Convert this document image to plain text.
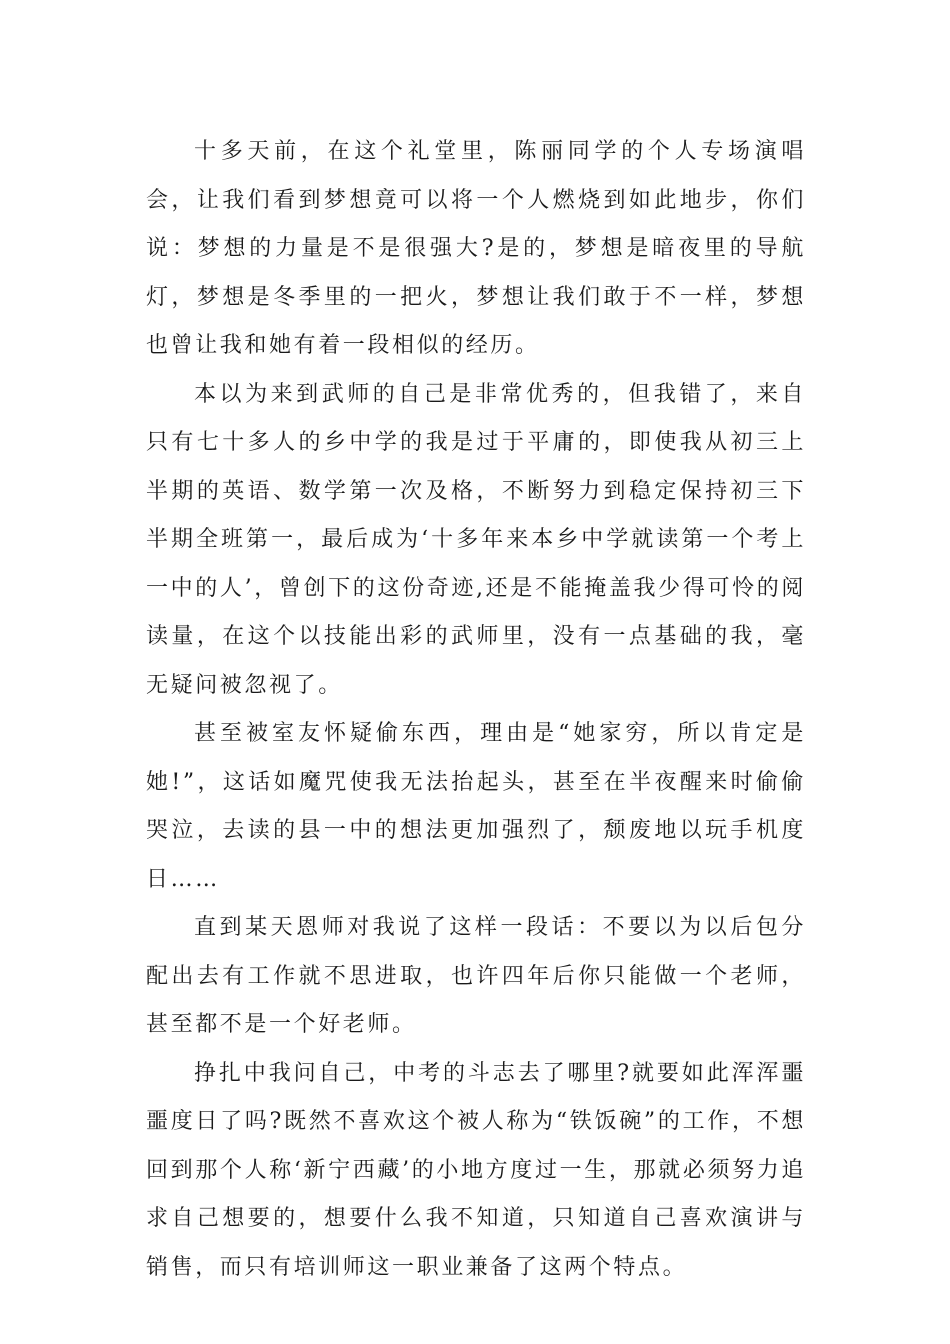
十多天前，在这个礼堂里，陈丽同学的个人专场演唱会，让我们看到梦想竟可以将一个人燃烧到如此地步，你们说：梦想的力量是不是很强大?是的，梦想是暗夜里的导航灯，梦想是冬季里的一把火，梦想让我们敢于不一样，梦想也曾让我和她有着一段相似的经历。

本以为来到武师的自己是非常优秀的，但我错了，来自只有七十多人的乡中学的我是过于平庸的，即使我从初三上半期的英语、数学第一次及格，不断努力到稳定保持初三下半期全班第一，最后成为‘十多年来本乡中学就读第一个考上一中的人’，曾创下的这份奇迹,还是不能掩盖我少得可怜的阅读量，在这个以技能出彩的武师里，没有一点基础的我，毫无疑问被忽视了。

甚至被室友怀疑偷东西，理由是“她家穷，所以肯定是她!”，这话如魔咒使我无法抬起头，甚至在半夜醒来时偷偷哭泣，去读的县一中的想法更加强烈了，颓废地以玩手机度日……

直到某天恩师对我说了这样一段话：不要以为以后包分配出去有工作就不思进取，也许四年后你只能做一个老师，甚至都不是一个好老师。

挣扎中我问自己，中考的斗志去了哪里?就要如此浑浑噩噩度日了吗?既然不喜欢这个被人称为“铁饭碗”的工作，不想回到那个人称‘新宁西藏’的小地方度过一生，那就必须努力追求自己想要的，想要什么我不知道，只知道自己喜欢演讲与销售，而只有培训师这一职业兼备了这两个特点。
